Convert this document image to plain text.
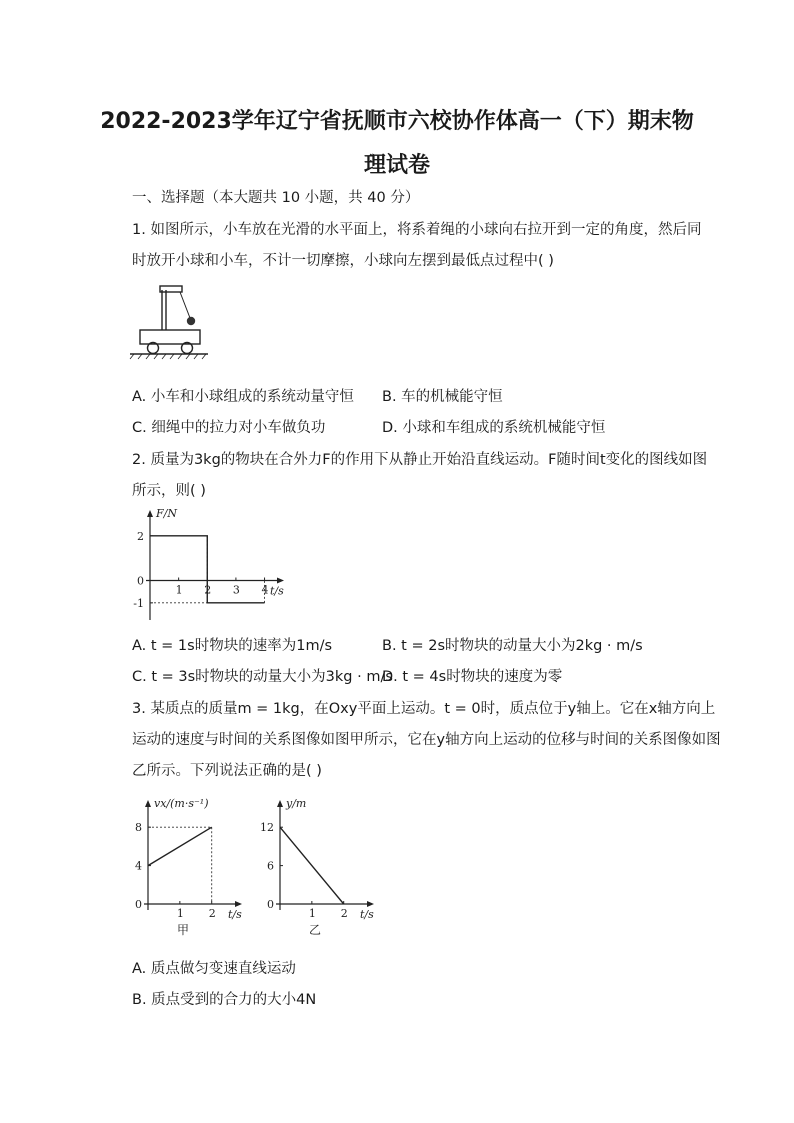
2022-2023学年辽宁省抚顺市六校协作体高一（下）期末物理试卷
一、选择题（本大题共 10 小题，共 40 分）
1. 如图所示，小车放在光滑的水平面上，将系着绳的小球向右拉开到一定的角度，然后同
时放开小球和小车，不计一切摩擦，小球向左摆到最低点过程中( )
A. 小车和小球组成的系统动量守恒 B. 车的机械能守恒
C. 细绳中的拉力对小车做负功	D. 小球和车组成的系统机械能守恒
2. 质量为3kg的物块在合外力F的作用下从静止开始沿直线运动。F随时间t变化的图线如图
所示，则( )
F/N
t/s
1 2 3 4
2
0
-1
A. t = 1s时物块的速率为1m/s	B. t = 2s时物块的动量大小为2kg · m/s
C. t = 3s时物块的动量大小为3kg · m/s
D. t = 4s时物块的速度为零
3. 某质点的质量m = 1kg，在Oxy平面上运动。t = 0时，质点位于y轴上。它在x轴方向上
运动的速度与时间的关系图像如图甲所示，它在y轴方向上运动的位移与时间的关系图像如图
乙所示。下列说法正确的是( )
vx/(m·s⁻¹)
t/s
1 2
8
4
0
甲
y/m
t/s
1 2
12
6
0
乙
A. 质点做匀变速直线运动
B. 质点受到的合力的大小4N
